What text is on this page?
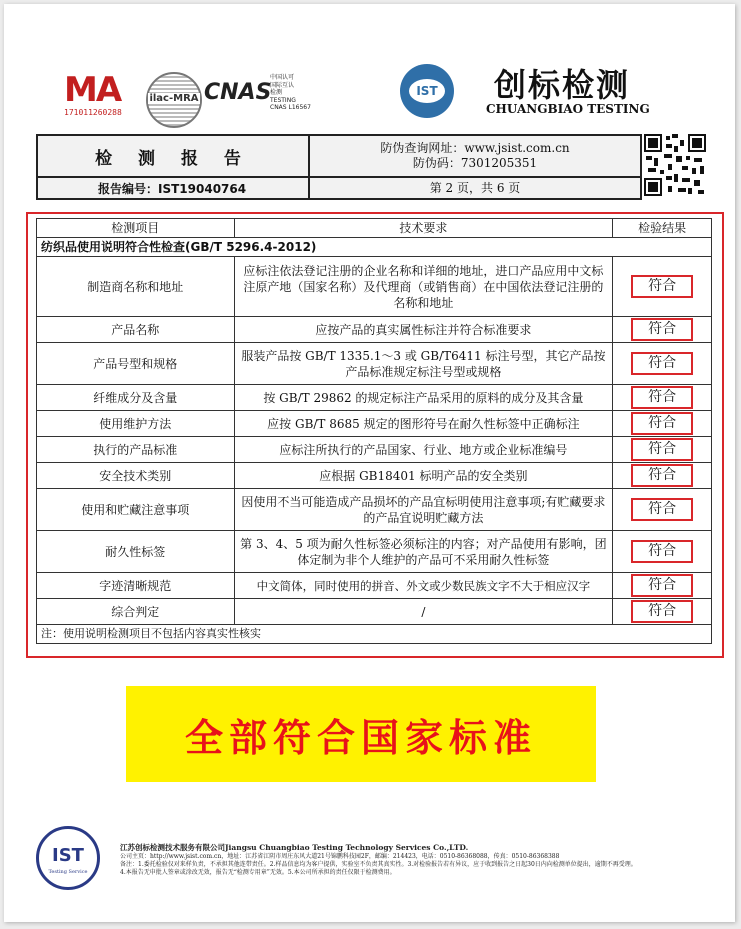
MA
171011260288
ilac-MRA CNAS
中国认可
国际互认
检测
TESTING
CNAS L16567
IST 创标检测
CHUANGBIAO TESTING
检 测 报 告
防伪查询网址：www.jsist.com.cn
防伪码：7301205351
报告编号：IST19040764	第 2 页，共 6 页
检测项目	技术要求	检验结果
纺织品使用说明符合性检查(GB/T 5296.4-2012)		
制造商名称和地址	应标注依法登记注册的企业名称和详细的地址，进口产品应用中文标注原产地（国家名称）及代理商（或销售商）在中国依法登记注册的名称和地址	符合
产品名称	应按产品的真实属性标注并符合标准要求	符合
产品号型和规格	服装产品按 GB/T 1335.1～3 或 GB/T6411 标注号型，其它产品按产品标准规定标注号型或规格	符合
纤维成分及含量	按 GB/T 29862 的规定标注产品采用的原料的成分及其含量	符合
使用维护方法	应按 GB/T 8685 规定的图形符号在耐久性标签中正确标注	符合
执行的产品标准	应标注所执行的产品国家、行业、地方或企业标准编号	符合
安全技术类别	应根据 GB18401 标明产品的安全类别	符合
使用和贮藏注意事项	因使用不当可能造成产品损坏的产品宜标明使用注意事项;有贮藏要求的产品宜说明贮藏方法	符合
耐久性标签	第 3、4、5 项为耐久性标签必须标注的内容；对产品使用有影响，团体定制为非个人维护的产品可不采用耐久性标签	符合
字迹清晰规范	中文简体，同时使用的拼音、外文或少数民族文字不大于相应汉字	符合
综合判定	/	符合
注：使用说明检测项目不包括内容真实性核实		
全部符合国家标准
IST
Testing Service
江苏创标检测技术服务有限公司Jiangsu Chuangbiao Testing Technology Services Co.,LTD.
公司主页：http://www.jsist.com.cn，地址：江苏省江阴市周庄东风大道21号锦鹏科技园2F，邮编：214423，电话：0510-86368088，传真：0510-86368388
备注：1.委托检验仅对来样负责，不承担其他连带责任。2.样品信息均为客户提供，实验室不负责其真实性。3.对检验报告若有异议，应于收到报告之日起30日内向检测单位提出，逾期不再受理。
4.本报告无申批人签章或涂改无效，报告无“检测专用章”无效。5.本公司所承担的责任仅限于检测费用。
